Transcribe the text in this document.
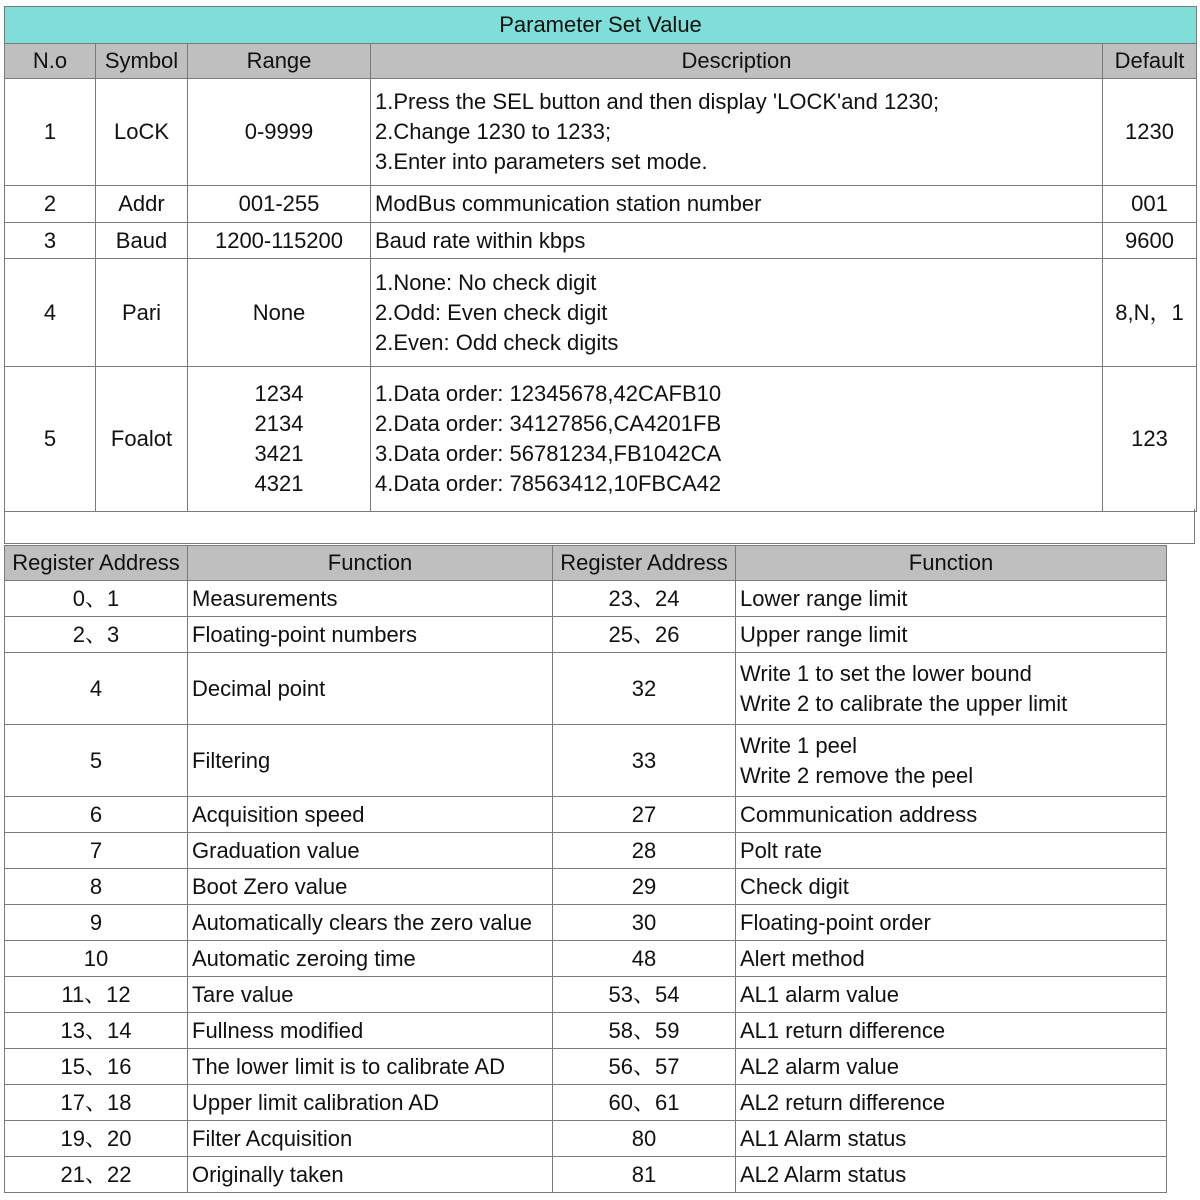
Parameter Set Value				
N.o	Symbol	Range	Description	Default
1	LoCK	0-9999	1.Press the SEL button and then display 'LOCK'and 1230;
2.Change 1230 to 1233;
3.Enter into parameters set mode.	1230
2	Addr	001-255	ModBus communication station number	001
3	Baud	1200-115200	Baud rate within kbps	9600
4	Pari	None	1.None: No check digit
2.Odd: Even check digit
2.Even: Odd check digits	8,N，1
5	Foalot	1234
2134
3421
4321	1.Data order: 12345678,42CAFB10
2.Data order: 34127856,CA4201FB
3.Data order: 56781234,FB1042CA
4.Data order: 78563412,10FBCA42	123
Register Address	Function	Register Address	Function
0、1	Measurements	23、24	Lower range limit

2、3	Floating-point numbers	25、26	Upper range limit

4	Decimal point	32	Write 1 to set the lower bound
Write 2 to calibrate the upper limit

5	Filtering	33	Write 1 peel
Write 2 remove the peel

6	Acquisition speed	27	Communication address

7	Graduation value	28	Polt rate

8	Boot Zero value	29	Check digit

9	Automatically clears the zero value	30	Floating-point order

10	Automatic zeroing time	48	Alert method

11、12	Tare value	53、54	AL1 alarm value

13、14	Fullness modified	58、59	AL1 return difference

15、16	The lower limit is to calibrate AD	56、57	AL2 alarm value

17、18	Upper limit calibration AD	60、61	AL2 return difference

19、20	Filter Acquisition	80	AL1 Alarm status

21、22	Originally taken	81	AL2 Alarm status
